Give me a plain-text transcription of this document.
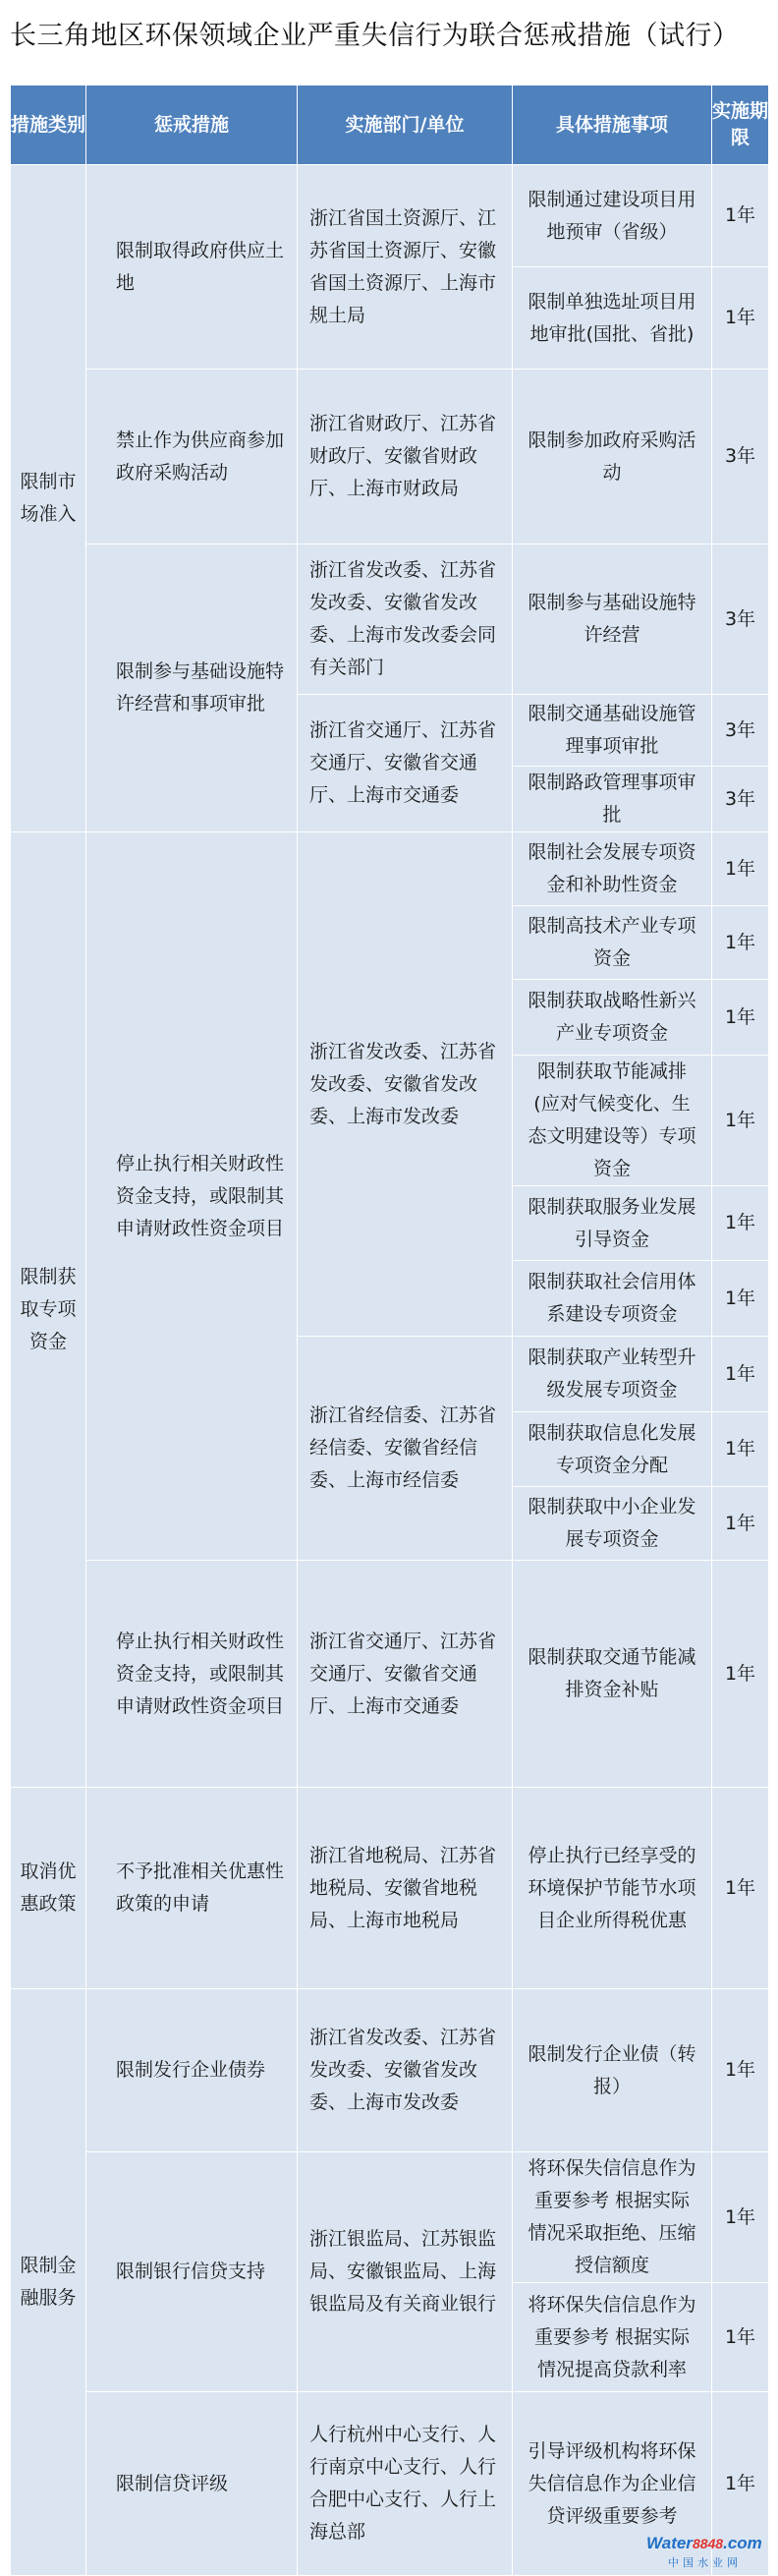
长三角地区环保领域企业严重失信行为联合惩戒措施（试行）
措施类别	惩戒措施	实施部门/单位	具体措施事项	实施期限
限制市场准入	限制取得政府供应土地	浙江省国土资源厅、江苏省国土资源厅、安徽省国土资源厅、上海市规土局	限制通过建设项目用地预审（省级）	1年
			限制单独选址项目用地审批(国批、省批)	1年
	禁止作为供应商参加政府采购活动	浙江省财政厅、江苏省财政厅、安徽省财政厅、上海市财政局	限制参加政府采购活动	3年
	限制参与基础设施特许经营和事项审批	浙江省发改委、江苏省发改委、安徽省发改委、上海市发改委会同有关部门	限制参与基础设施特许经营	3年
		浙江省交通厅、江苏省交通厅、安徽省交通厅、上海市交通委	限制交通基础设施管理事项审批	3年
			限制路政管理事项审批	3年
限制获取专项资金	停止执行相关财政性资金支持，或限制其申请财政性资金项目	浙江省发改委、江苏省发改委、安徽省发改委、上海市发改委	限制社会发展专项资金和补助性资金	1年
			限制高技术产业专项资金	1年
			限制获取战略性新兴产业专项资金	1年
			限制获取节能减排(应对气候变化、生态文明建设等）专项资金	1年
			限制获取服务业发展引导资金	1年
			限制获取社会信用体系建设专项资金	1年
		浙江省经信委、江苏省经信委、安徽省经信委、上海市经信委	限制获取产业转型升级发展专项资金	1年
			限制获取信息化发展专项资金分配	1年
			限制获取中小企业发展专项资金	1年
	停止执行相关财政性资金支持，或限制其申请财政性资金项目	浙江省交通厅、江苏省交通厅、安徽省交通厅、上海市交通委	限制获取交通节能减排资金补贴	1年
取消优惠政策	不予批准相关优惠性政策的申请	浙江省地税局、江苏省地税局、安徽省地税局、上海市地税局	停止执行已经享受的环境保护节能节水项目企业所得税优惠	1年
限制金融服务	限制发行企业债券	浙江省发改委、江苏省发改委、安徽省发改委、上海市发改委	限制发行企业债（转报）	1年
	限制银行信贷支持	浙江银监局、江苏银监局、安徽银监局、上海银监局及有关商业银行	将环保失信信息作为重要参考 根据实际情况采取拒绝、压缩授信额度	1年
			将环保失信信息作为重要参考 根据实际情况提高贷款利率	1年
	限制信贷评级	人行杭州中心支行、人行南京中心支行、人行合肥中心支行、人行上海总部	引导评级机构将环保失信信息作为企业信贷评级重要参考	1年
Water8848.com
中国水业网
